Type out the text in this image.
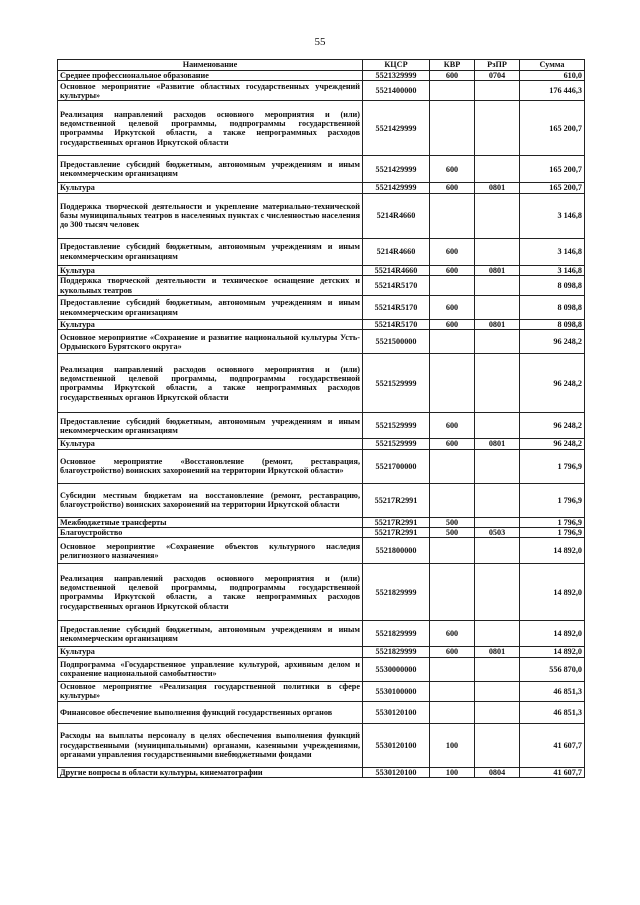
55
Наименование	КЦСР	КВР	РзПР	Сумма
Среднее профессиональное образование	5521329999	600	0704	610,0
Основное мероприятие «Развитие областных государственных учреждений культуры»	5521400000			176 446,3
Реализация направлений расходов основного мероприятия и (или) ведомственной целевой программы, подпрограммы государственной программы Иркутской области, а также непрограммных расходов государственных органов Иркутской области	5521429999			165 200,7
Предоставление субсидий бюджетным, автономным учреждениям и иным некоммерческим организациям	5521429999	600		165 200,7
Культура	5521429999	600	0801	165 200,7
Поддержка творческой деятельности и укрепление материально-технической базы муниципальных театров в населенных пунктах с численностью населения до 300 тысяч человек	5214R4660			3 146,8
Предоставление субсидий бюджетным, автономным учреждениям и иным некоммерческим организациям	5214R4660	600		3 146,8
Культура	55214R4660	600	0801	3 146,8
Поддержка творческой деятельности и техническое оснащение детских и кукольных театров	55214R5170			8 098,8
Предоставление субсидий бюджетным, автономным учреждениям и иным некоммерческим организациям	55214R5170	600		8 098,8
Культура	55214R5170	600	0801	8 098,8
Основное мероприятие «Сохранение и развитие национальной культуры Усть-Ордынского Бурятского округа»	5521500000			96 248,2
Реализация направлений расходов основного мероприятия и (или) ведомственной целевой программы, подпрограммы государственной программы Иркутской области, а также непрограммных расходов государственных органов Иркутской области	5521529999			96 248,2
Предоставление субсидий бюджетным, автономным учреждениям и иным некоммерческим организациям	5521529999	600		96 248,2
Культура	5521529999	600	0801	96 248,2
Основное мероприятие «Восстановление (ремонт, реставрация, благоустройство) воинских захоронений на территории Иркутской области»	5521700000			1 796,9
Субсидии местным бюджетам на восстановление (ремонт, реставрацию, благоустройство) воинских захоронений на территории Иркутской области	55217R2991			1 796,9
Межбюджетные трансферты	55217R2991	500		1 796,9
Благоустройство	55217R2991	500	0503	1 796,9
Основное мероприятие «Сохранение объектов культурного наследия религиозного назначения»	5521800000			14 892,0
Реализация направлений расходов основного мероприятия и (или) ведомственной целевой программы, подпрограммы государственной программы Иркутской области, а также непрограммных расходов государственных органов Иркутской области	5521829999			14 892,0
Предоставление субсидий бюджетным, автономным учреждениям и иным некоммерческим организациям	5521829999	600		14 892,0
Культура	5521829999	600	0801	14 892,0
Подпрограмма «Государственное управление культурой, архивным делом и сохранение национальной самобытности»	5530000000			556 870,0
Основное мероприятие «Реализация государственной политики в сфере культуры»	5530100000			46 851,3
Финансовое обеспечение выполнения функций государственных органов	5530120100			46 851,3
Расходы на выплаты персоналу в целях обеспечения выполнения функций государственными (муниципальными) органами, казенными учреждениями, органами управления государственными внебюджетными фондами	5530120100	100		41 607,7
Другие вопросы в области культуры, кинематографии	5530120100	100	0804	41 607,7
